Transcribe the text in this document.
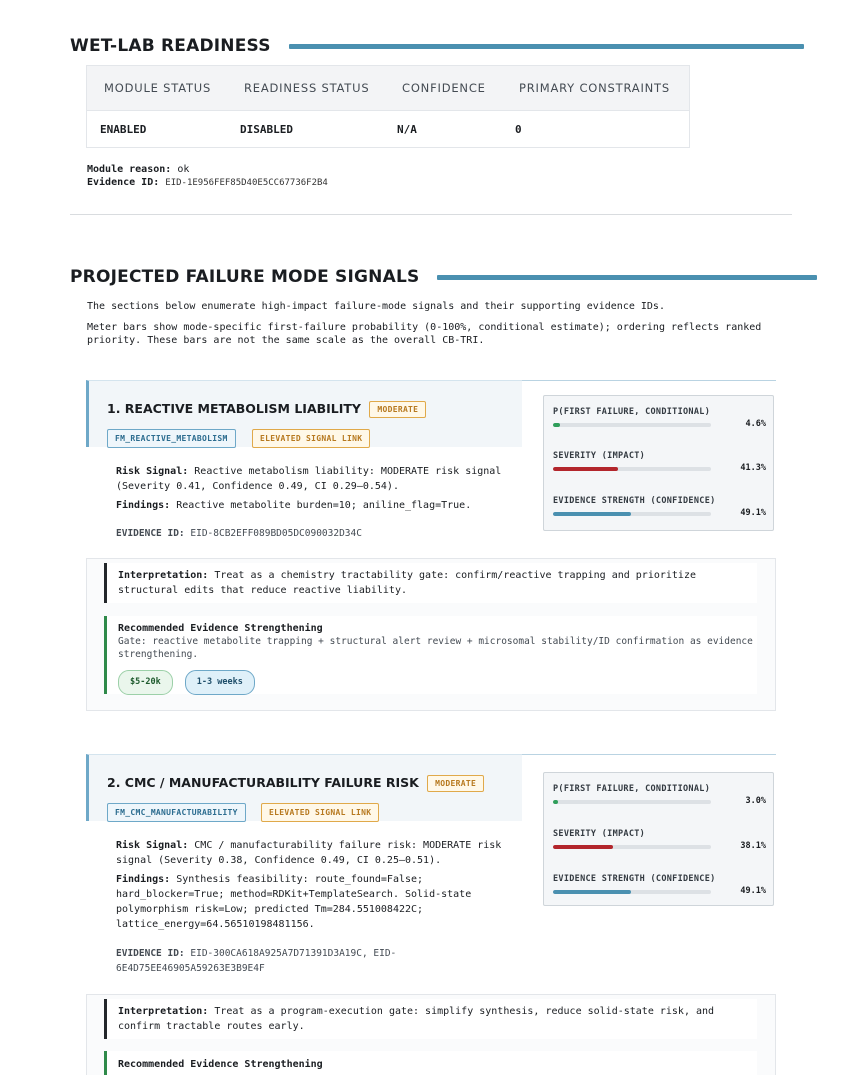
WET-LAB READINESS
MODULE STATUS	READINESS STATUS	CONFIDENCE	PRIMARY CONSTRAINTS
ENABLED	DISABLED	N/A	0
Module reason: ok
Evidence ID: EID-1E956FEF85D40E5CC67736F2B4
PROJECTED FAILURE MODE SIGNALS
The sections below enumerate high-impact failure-mode signals and their supporting evidence IDs.
Meter bars show mode-specific first-failure probability (0-100%, conditional estimate); ordering reflects ranked priority. These bars are not the same scale as the overall CB-TRI.
1. REACTIVE METABOLISM LIABILITY MODERATE
FM_REACTIVE_METABOLISM	ELEVATED SIGNAL LINK
Risk Signal: Reactive metabolism liability: MODERATE risk signal (Severity 0.41, Confidence 0.49, CI 0.29–0.54).
Findings: Reactive metabolite burden=10; aniline_flag=True.
EVIDENCE ID: EID-8CB2EFF089BD05DC090032D34C
P(FIRST FAILURE, CONDITIONAL)
4.6%
SEVERITY (IMPACT)
41.3%
EVIDENCE STRENGTH (CONFIDENCE)
49.1%
Interpretation: Treat as a chemistry tractability gate: confirm/reactive trapping and prioritize structural edits that reduce reactive liability.
Recommended Evidence Strengthening
Gate: reactive metabolite trapping + structural alert review + microsomal stability/ID confirmation as evidence strengthening.
$5-20k	1-3 weeks
2. CMC / MANUFACTURABILITY FAILURE RISK MODERATE
FM_CMC_MANUFACTURABILITY	ELEVATED SIGNAL LINK
Risk Signal: CMC / manufacturability failure risk: MODERATE risk signal (Severity 0.38, Confidence 0.49, CI 0.25–0.51).
Findings: Synthesis feasibility: route_found=False; hard_blocker=True; method=RDKit+TemplateSearch. Solid-state polymorphism risk=Low; predicted Tm=284.551008422C; lattice_energy=64.56510198481156.
EVIDENCE ID: EID-300CA618A925A7D71391D3A19C, EID-6E4D75EE46905A59263E3B9E4F
P(FIRST FAILURE, CONDITIONAL)
3.0%
SEVERITY (IMPACT)
38.1%
EVIDENCE STRENGTH (CONFIDENCE)
49.1%
Interpretation: Treat as a program-execution gate: simplify synthesis, reduce solid-state risk, and confirm tractable routes early.
Recommended Evidence Strengthening
